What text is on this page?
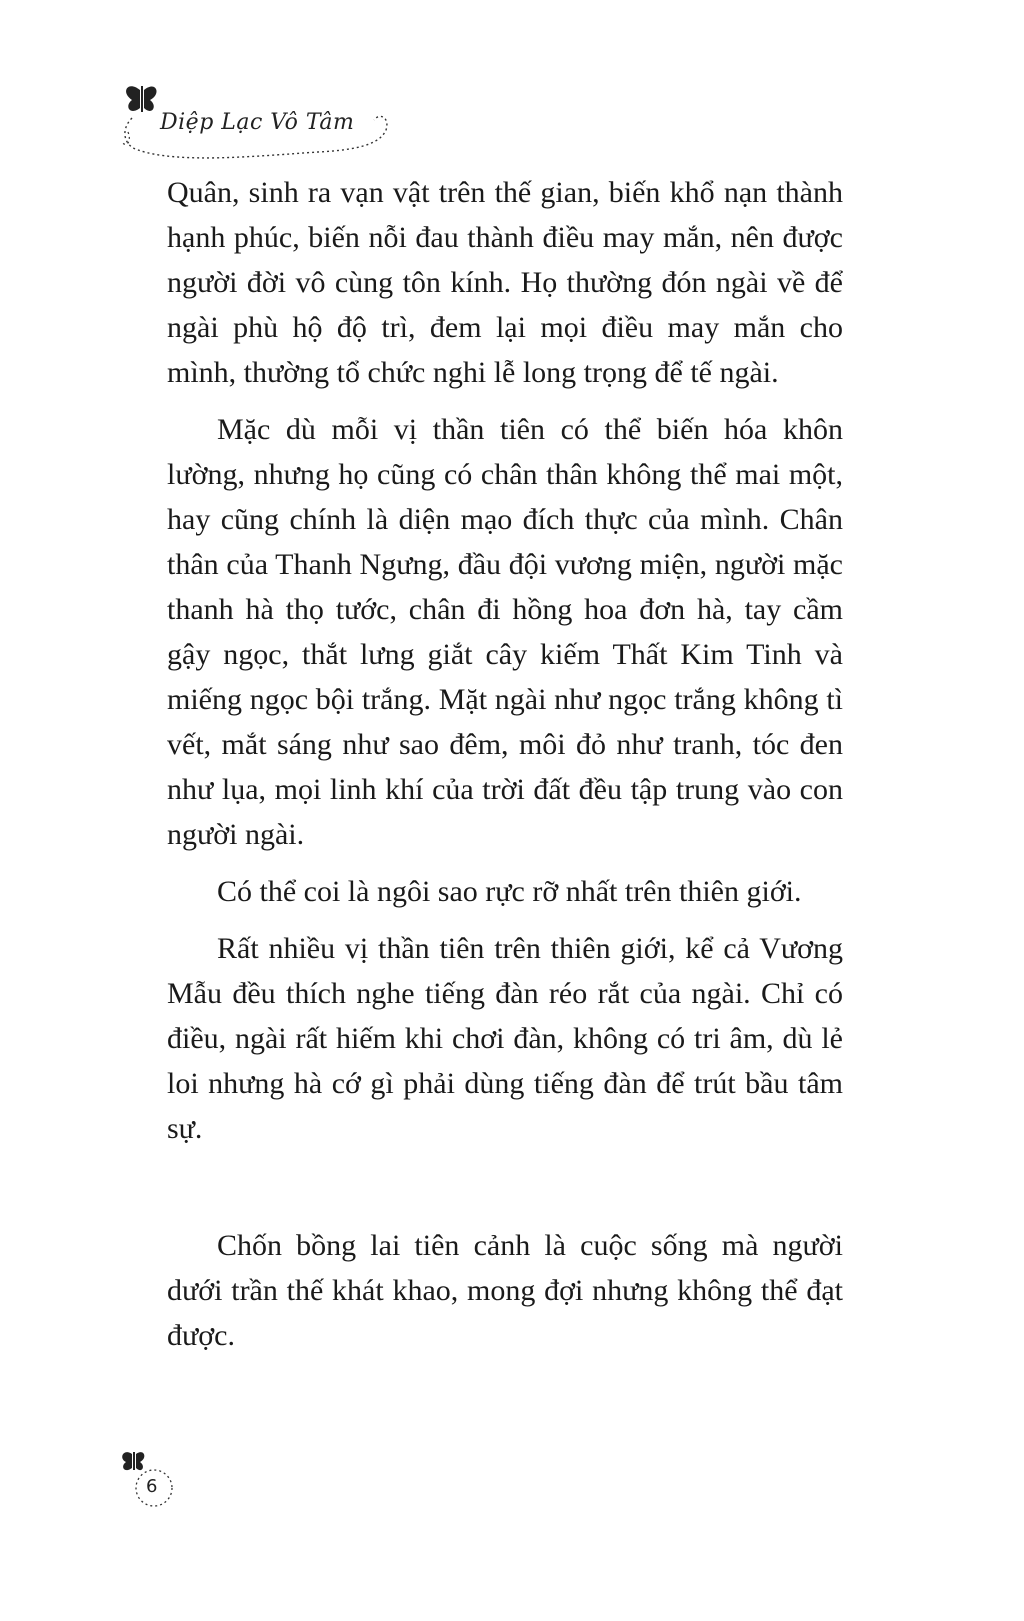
Diệp Lạc Vô Tâm

Quân, sinh ra vạn vật trên thế gian, biến khổ nạn thành hạnh phúc, biến nỗi đau thành điều may mắn, nên được người đời vô cùng tôn kính. Họ thường đón ngài về để ngài phù hộ độ trì, đem lại mọi điều may mắn cho mình, thường tổ chức nghi lễ long trọng để tế ngài.

Mặc dù mỗi vị thần tiên có thể biến hóa khôn lường, nhưng họ cũng có chân thân không thể mai một, hay cũng chính là diện mạo đích thực của mình. Chân thân của Thanh Ngưng, đầu đội vương miện, người mặc thanh hà thọ tước, chân đi hồng hoa đơn hà, tay cầm gậy ngọc, thắt lưng giắt cây kiếm Thất Kim Tinh và miếng ngọc bội trắng. Mặt ngài như ngọc trắng không tì vết, mắt sáng như sao đêm, môi đỏ như tranh, tóc đen như lụa, mọi linh khí của trời đất đều tập trung vào con người ngài.

Có thể coi là ngôi sao rực rỡ nhất trên thiên giới.

Rất nhiều vị thần tiên trên thiên giới, kể cả Vương Mẫu đều thích nghe tiếng đàn réo rắt của ngài. Chỉ có điều, ngài rất hiếm khi chơi đàn, không có tri âm, dù lẻ loi nhưng hà cớ gì phải dùng tiếng đàn để trút bầu tâm sự.

Chốn bồng lai tiên cảnh là cuộc sống mà người dưới trần thế khát khao, mong đợi nhưng không thể đạt được.

6
